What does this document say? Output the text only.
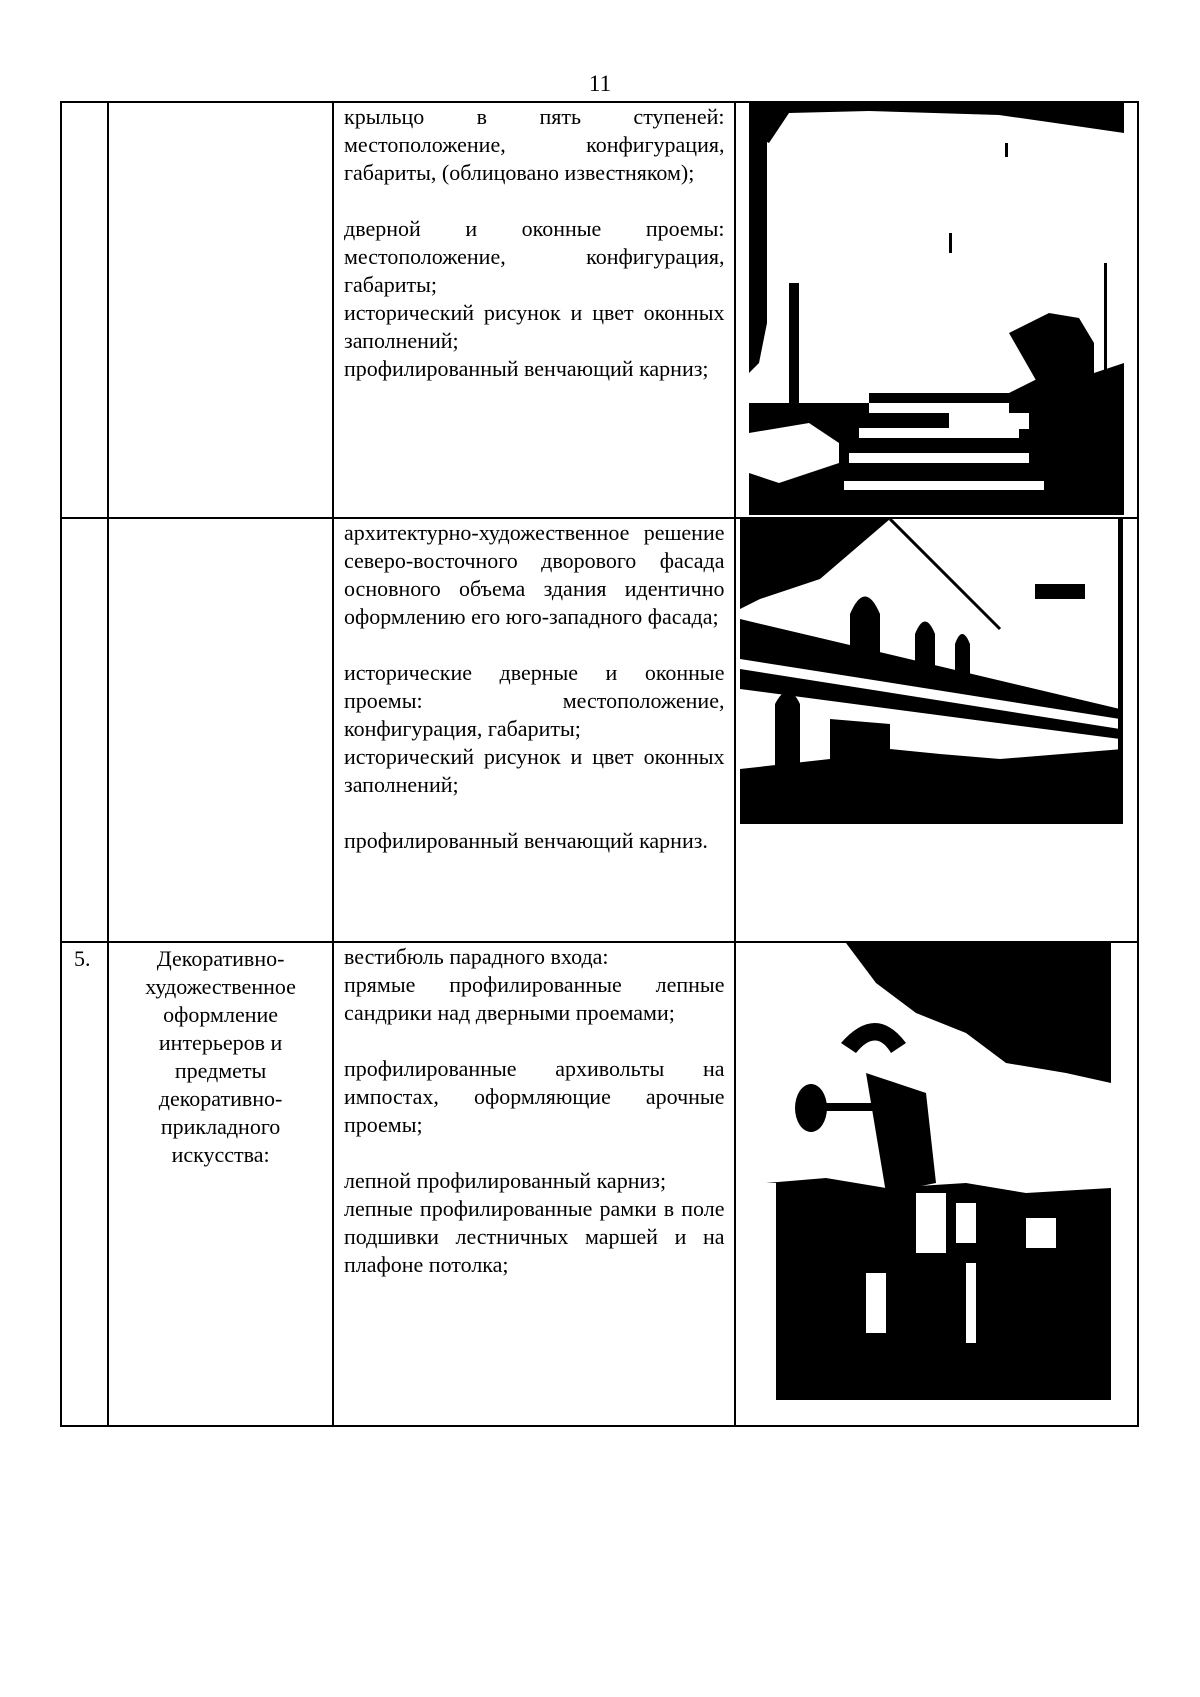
11

		крыльцо в пять ступеней: местоположение, конфигурация, габариты, (облицовано известняком);

дверной и оконные проемы: местоположение, конфигурация, габариты;

исторический рисунок и цвет оконных заполнений;

профилированный венчающий карниз;

		архитектурно-художественное решение северо-восточного дворового фасада основного объема здания идентично оформлению его юго-западного фасада;

исторические дверные и оконные проемы: местоположение, конфигурация, габариты;

исторический рисунок и цвет оконных заполнений;

профилированный венчающий карниз.

5.	Декоративно-художественное оформление интерьеров и предметы декоративно-прикладного искусства:	вестибюль парадного входа:

прямые профилированные лепные сандрики над дверными проемами;

профилированные архивольты на импостах, оформляющие арочные проемы;

лепной профилированный карниз;

лепные профилированные рамки в поле подшивки лестничных маршей и на плафоне потолка;
